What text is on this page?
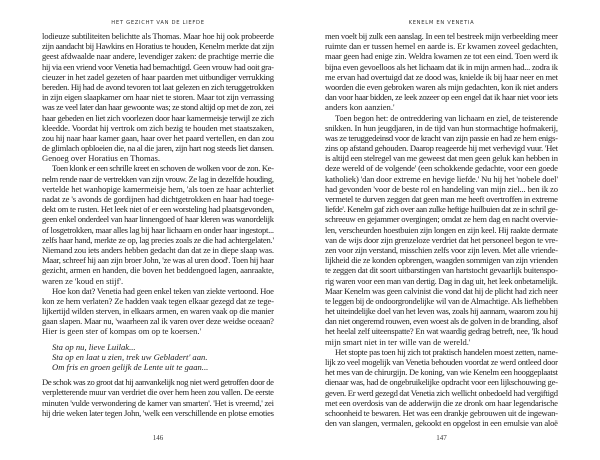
HET GEZICHT VAN DE LIEFDE
lodieuze subtiliteiten belichtte als Thomas. Maar hoe hij ook probeerde
zijn aandacht bij Hawkins en Horatius te houden, Kenelm merkte dat zijn
geest afdwaalde naar andere, levendiger zaken: de prachtige merrie die
hij via een vriend voor Venetia had bemachtigd. Geen vrouw had ooit gra-
cieuzer in het zadel gezeten of haar paarden met uitbundiger verrukking
bereden. Hij had de avond tevoren tot laat gelezen en zich teruggetrokken
in zijn eigen slaapkamer om haar niet te storen. Maar tot zijn verrassing
was ze veel later dan haar gewoonte was; ze stond altijd op met de zon, zei
haar gebeden en liet zich voorlezen door haar kamermeisje terwijl ze zich
kleedde. Voordat hij vertrok om zich bezig te houden met staatszaken,
zou hij naar haar kamer gaan, haar over het paard vertellen, en dan zou
de glimlach opbloeien die, na al die jaren, zijn hart nog steeds liet dansen.
Genoeg over Horatius en Thomas.
Toen klonk er een schrille kreet en schoven de wolken voor de zon. Ke-
nelm rende naar de vertrekken van zijn vrouw. Ze lag in dezelfde houding,
vertelde het wanhopige kamermeisje hem, 'als toen ze haar achterliet
nadat ze 's avonds de gordijnen had dichtgetrokken en haar had toege-
dekt om te rusten. Het leek niet of er een worsteling had plaatsgevonden,
geen enkel onderdeel van haar linnengoed of haar kleren was wanordelijk
of losgetrokken, maar alles lag bij haar lichaam en onder haar ingestopt...
zelfs haar hand, merkte ze op, lag precies zoals ze die had achtergelaten.'
Niemand zou iets anders hebben gedacht dan dat ze in diepe slaap was.
Maar, schreef hij aan zijn broer John, 'ze was al uren dood'. Toen hij haar
gezicht, armen en handen, die boven het beddengoed lagen, aanraakte,
waren ze 'koud en stijf'.
Hoe kon dat? Venetia had geen enkel teken van ziekte vertoond. Hoe
kon ze hem verlaten? Ze hadden vaak tegen elkaar gezegd dat ze tege-
lijkertijd wilden sterven, in elkaars armen, en waren vaak op die manier
gaan slapen. Maar nu, 'waarheen zal ik varen over deze weidse oceaan?
Hier is geen ster of kompas om op te koersen.'
Sta op nu, lieve Luilak...
Sta op en laat u zien, trek uw Gebladert' aan.
Om fris en groen gelijk de Lente uit te gaan...
De schok was zo groot dat hij aanvankelijk nog niet werd getroffen door de
verpletterende muur van verdriet die over hem heen zou vallen. De eerste
minuten 'vulde verwondering de kamer van smarten'. 'Het is vreemd,' zei
hij drie weken later tegen John, 'welk een verschillende en plotse emoties
146
KENELM EN VENETIA
men voelt bij zulk een aanslag. In een tel bestreek mijn verbeelding meer
ruimte dan er tussen hemel en aarde is. Er kwamen zoveel gedachten,
maar geen had enige zin. Weldra kwamen ze tot een eind. Toen werd ik
bijna even gevoelloos als het lichaam dat ik in mijn armen had... zodra ik
me ervan had overtuigd dat ze dood was, knielde ik bij haar neer en met
woorden die even gebroken waren als mijn gedachten, kon ik niet anders
dan voor haar bidden, ze leek zozeer op een engel dat ik haar niet voor iets
anders kon aanzien.'
Toen begon het: de ontreddering van lichaam en ziel, de teisterende
snikken. In hun jeugdjaren, in de tijd van hun stormachtige hofmakerij,
was ze teruggedeinsd voor de kracht van zijn passie en had ze hem enigs-
zins op afstand gehouden. Daarop reageerde hij met verhevigd vuur. 'Het
is altijd een stelregel van me geweest dat men geen geluk kan hebben in
deze wereld of de volgende' (een schokkende gedachte, voor een goede
katholiek) 'dan door extreme en hevige liefde.' Nu hij het 'nobele doel'
had gevonden 'voor de beste rol en handeling van mijn ziel... ben ik zo
vermetel te durven zeggen dat geen man me heeft overtroffen in extreme
liefde'. Kenelm gaf zich over aan zulke heftige huilbuien dat ze in schril ge-
schreeuw en gejammer overgingen; omdat ze hem dag en nacht overvie-
len, verscheurden hoestbuien zijn longen en zijn keel. Hij raakte dermate
van de wijs door zijn grenzeloze verdriet dat het personeel begon te vre-
zen voor zijn verstand, misschien zelfs voor zijn leven. Met alle vriende-
lijkheid die ze konden opbrengen, waagden sommigen van zijn vrienden
te zeggen dat dit soort uitbarstingen van hartstocht gevaarlijk buitenspo-
rig waren voor een man van dertig. Dag in dag uit, het leek onbetamelijk.
Maar Kenelm was geen calvinist die vond dat hij de plicht had zich neer
te leggen bij de ondoorgrondelijke wil van de Almachtige. Als liefhebben
het uiteindelijke doel van het leven was, zoals hij aannam, waarom zou hij
dan niet ongeremd rouwen, even woest als de golven in de branding, alsof
het heelal zelf uiteenspatte? En wat waardig gedrag betreft, nee, 'Ik houd
mijn smart niet in ter wille van de wereld.'
Het stopte pas toen hij zich tot praktisch handelen moest zetten, name-
lijk zo veel mogelijk van Venetia behouden voordat ze werd ontleed door
het mes van de chirurgijn. De koning, van wie Kenelm een hooggeplaatst
dienaar was, had de ongebruikelijke opdracht voor een lijkschouwing ge-
geven. Er werd gezegd dat Venetia zich wellicht onbedoeld had vergiftigd
met een overdosis van de adderwijn die ze dronk om haar legendarische
schoonheid te bewaren. Het was een drankje gebrouwen uit de ingewan-
den van slangen, vermalen, gekookt en opgelost in een emulsie van aloë
147
